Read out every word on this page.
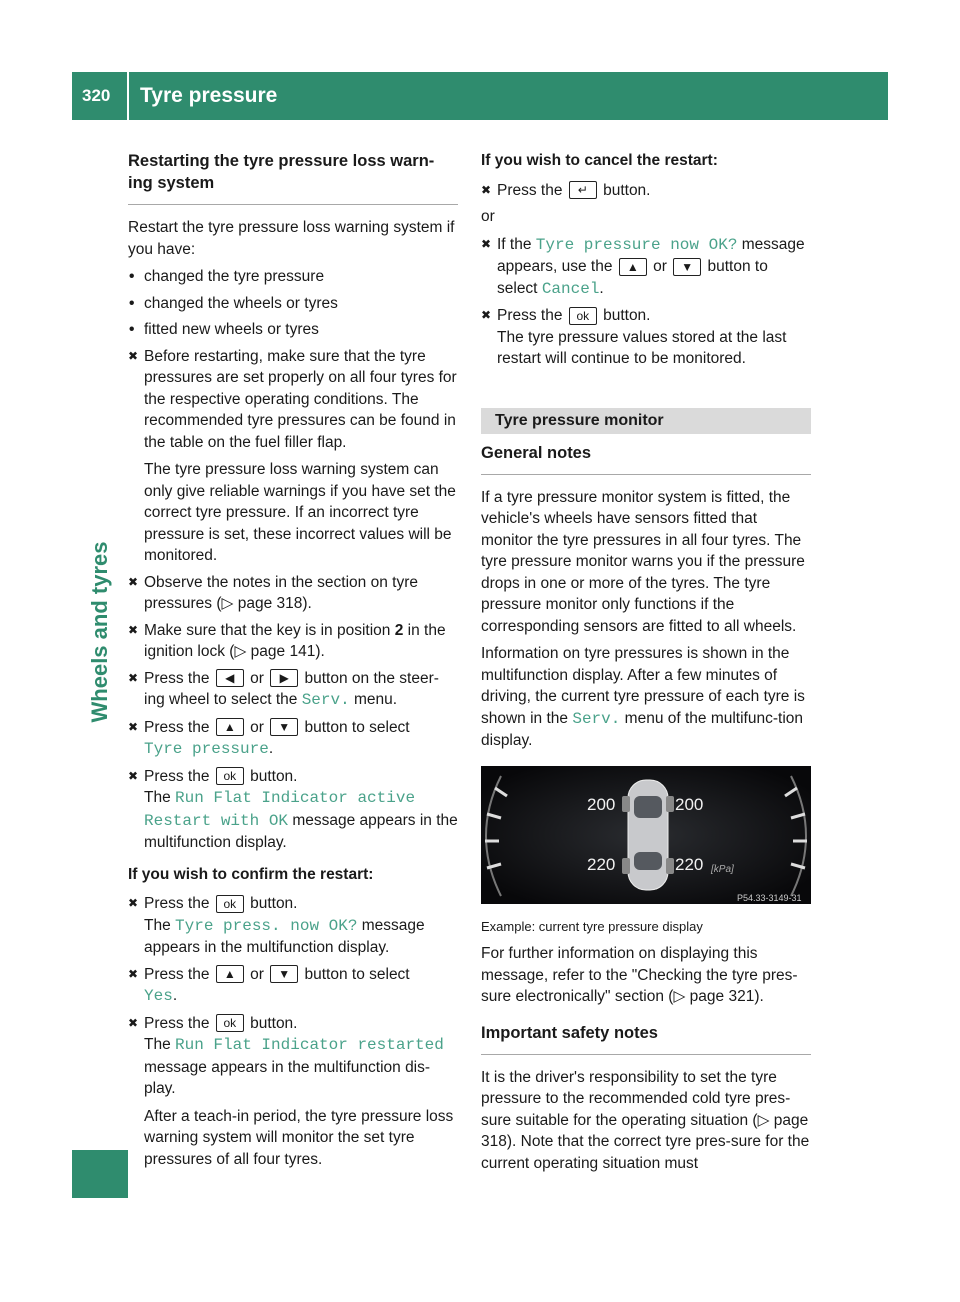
320 Tyre pressure
Wheels and tyres
Restarting the tyre pressure loss warn-ing system
Restart the tyre pressure loss warning system if you have:
• changed the tyre pressure
• changed the wheels or tyres
• fitted new wheels or tyres
✖ Before restarting, make sure that the tyre pressures are set properly on all four tyres for the respective operating conditions. The recommended tyre pressures can be found in the table on the fuel filler flap.
The tyre pressure loss warning system can only give reliable warnings if you have set the correct tyre pressure. If an incorrect tyre pressure is set, these incorrect values will be monitored.
✖ Observe the notes in the section on tyre pressures (▷ page 318).
✖ Make sure that the key is in position 2 in the ignition lock (▷ page 141).
✖ Press the ◀ or ▶ button on the steer-ing wheel to select the Serv. menu.
✖ Press the ▲ or ▼ button to select
Tyre pressure.
✖ Press the ok button.
The Run Flat Indicator active
Restart with OK message appears in the multifunction display.
If you wish to confirm the restart:
✖ Press the ok button.
The Tyre press. now OK? message appears in the multifunction display.
✖ Press the ▲ or ▼ button to select
Yes.
✖ Press the ok button.
The Run Flat Indicator restarted message appears in the multifunction dis-play.
After a teach-in period, the tyre pressure loss warning system will monitor the set tyre pressures of all four tyres.
If you wish to cancel the restart:
✖ Press the ↵ button.
or
✖ If the Tyre pressure now OK? message appears, use the ▲ or ▼ button to select Cancel.
✖ Press the ok button.
The tyre pressure values stored at the last restart will continue to be monitored.
Tyre pressure monitor
General notes
If a tyre pressure monitor system is fitted, the vehicle's wheels have sensors fitted that monitor the tyre pressures in all four tyres. The tyre pressure monitor warns you if the pressure drops in one or more of the tyres. The tyre pressure monitor only functions if the corresponding sensors are fitted to all wheels.
Information on tyre pressures is shown in the multifunction display. After a few minutes of driving, the current tyre pressure of each tyre is shown in the Serv. menu of the multifunc-tion display.
200	200
220	220 [kPa]
P54.33-3149-31
Example: current tyre pressure display
For further information on displaying this message, refer to the "Checking the tyre pres-sure electronically" section (▷ page 321).
Important safety notes
It is the driver's responsibility to set the tyre pressure to the recommended cold tyre pres-sure suitable for the operating situation (▷ page 318). Note that the correct tyre pres-sure for the current operating situation must
